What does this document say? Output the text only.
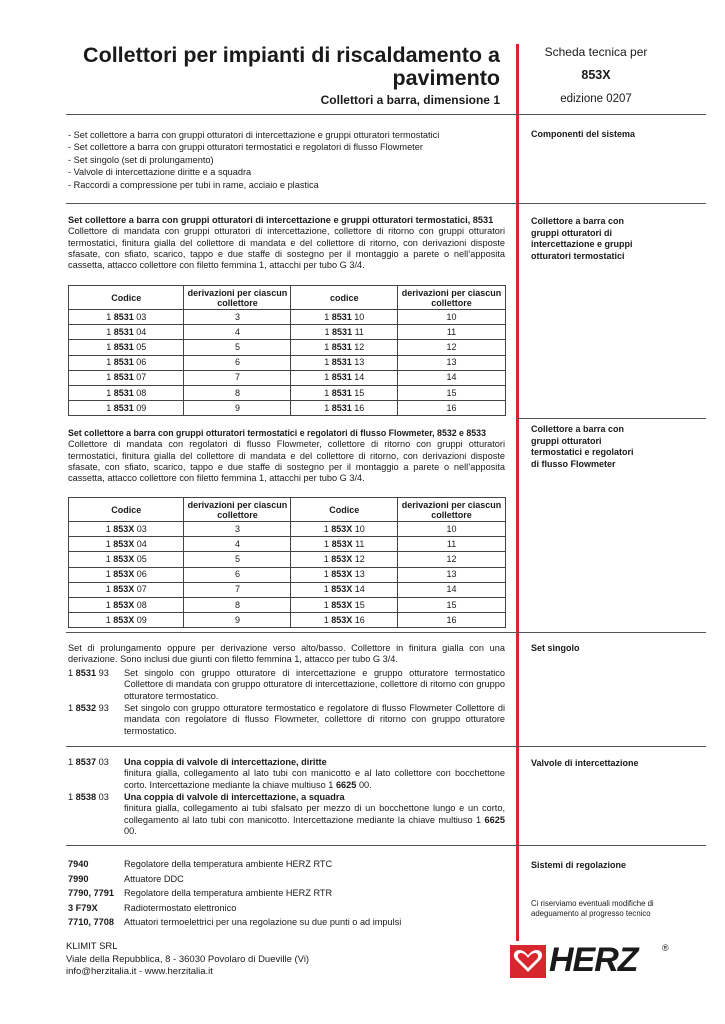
Collettori per impianti di riscaldamento a
pavimento
Collettori a barra, dimensione 1
Scheda tecnica per
853X
edizione 0207
- Set collettore a barra con gruppi otturatori di intercettazione e gruppi otturatori termostatici
- Set collettore a barra con gruppi otturatori termostatici e regolatori di flusso Flowmeter
- Set singolo (set di prolungamento)
- Valvole di intercettazione diritte e a squadra
- Raccordi a compressione per tubi in rame, acciaio e plastica
Componenti del sistema
Collettore a barra con
gruppi otturatori di
intercettazione e gruppi
otturatori termostatici
Set collettore a barra con gruppi otturatori di intercettazione e gruppi otturatori termostatici, 8531
Collettore di mandata con gruppi otturatori di intercettazione, collettore di ritorno con gruppi otturatori termostatici, finitura gialla del collettore di mandata e del collettore di ritorno, con derivazioni disposte sfasate, con sfiato, scarico, tappo e due staffe di sostegno per il montaggio a parete o nell’apposita cassetta, attacco collettore con filetto femmina 1, attacchi per tubo G 3/4.
Codice	derivazioni per ciascun collettore	codice	derivazioni per ciascun collettore
1 8531 03	3	1 8531 10	10
1 8531 04	4	1 8531 11	11
1 8531 05	5	1 8531 12	12
1 8531 06	6	1 8531 13	13
1 8531 07	7	1 8531 14	14
1 8531 08	8	1 8531 15	15
1 8531 09	9	1 8531 16	16
Collettore a barra con
gruppi otturatori
termostatici e regolatori
di flusso Flowmeter
Set collettore a barra con gruppi otturatori termostatici e regolatori di flusso Flowmeter, 8532 e 8533
Collettore di mandata con regolatori di flusso Flowmeter, collettore di ritorno con gruppi otturatori termostatici, finitura gialla del collettore di mandata e del collettore di ritorno, con derivazioni disposte sfasate, con sfiato, scarico, tappo e due staffe di sostegno per il montaggio a parete o nell’apposita cassetta, attacco collettore con filetto femmina 1, attacchi per tubo G 3/4.
Codice	derivazioni per ciascun collettore	Codice	derivazioni per ciascun collettore
1 853X 03	3	1 853X 10	10
1 853X 04	4	1 853X 11	11
1 853X 05	5	1 853X 12	12
1 853X 06	6	1 853X 13	13
1 853X 07	7	1 853X 14	14
1 853X 08	8	1 853X 15	15
1 853X 09	9	1 853X 16	16
Set singolo
Set di prolungamento oppure per derivazione verso alto/basso. Collettore in finitura gialla con una derivazione. Sono inclusi due giunti con filetto femmina 1, attacco per tubo G 3/4.
1 8531 93	Set singolo con gruppo otturatore di intercettazione e gruppo otturatore termostatico Collettore di mandata con gruppo otturatore di intercettazione, collettore di ritorno con gruppo otturatore termostatico.
1 8532 93	Set singolo con gruppo otturatore termostatico e regolatore di flusso Flowmeter Collettore di mandata con regolatore di flusso Flowmeter, collettore di ritorno con gruppo otturatore termostatico.
Valvole di intercettazione
1 8537 03	Una coppia di valvole di intercettazione, diritte
finitura gialla, collegamento al lato tubi con manicotto e al lato collettore con bocchettone corto. Intercettazione mediante la chiave multiuso 1 6625 00.
1 8538 03	Una coppia di valvole di intercettazione, a squadra
finitura gialla, collegamento ai tubi sfalsato per mezzo di un bocchettone lungo e un corto, collegamento al lato tubi con manicotto. Intercettazione mediante la chiave multiuso 1 6625 00.
Sistemi di regolazione
Ci riserviamo eventuali modifiche di adeguamento al progresso tecnico
7940	Regolatore della temperatura ambiente HERZ RTC
7990	Attuatore DDC
7790, 7791	Regolatore della temperatura ambiente HERZ RTR
3 F79X	Radiotermostato elettronico
7710, 7708	Attuatori termoelettrici per una regolazione su due punti o ad impulsi
KLIMIT SRL
Viale della Repubblica, 8 - 36030 Povolaro di Dueville (Vi)
info@herzitalia.it - www.herzitalia.it	HERZ	®
